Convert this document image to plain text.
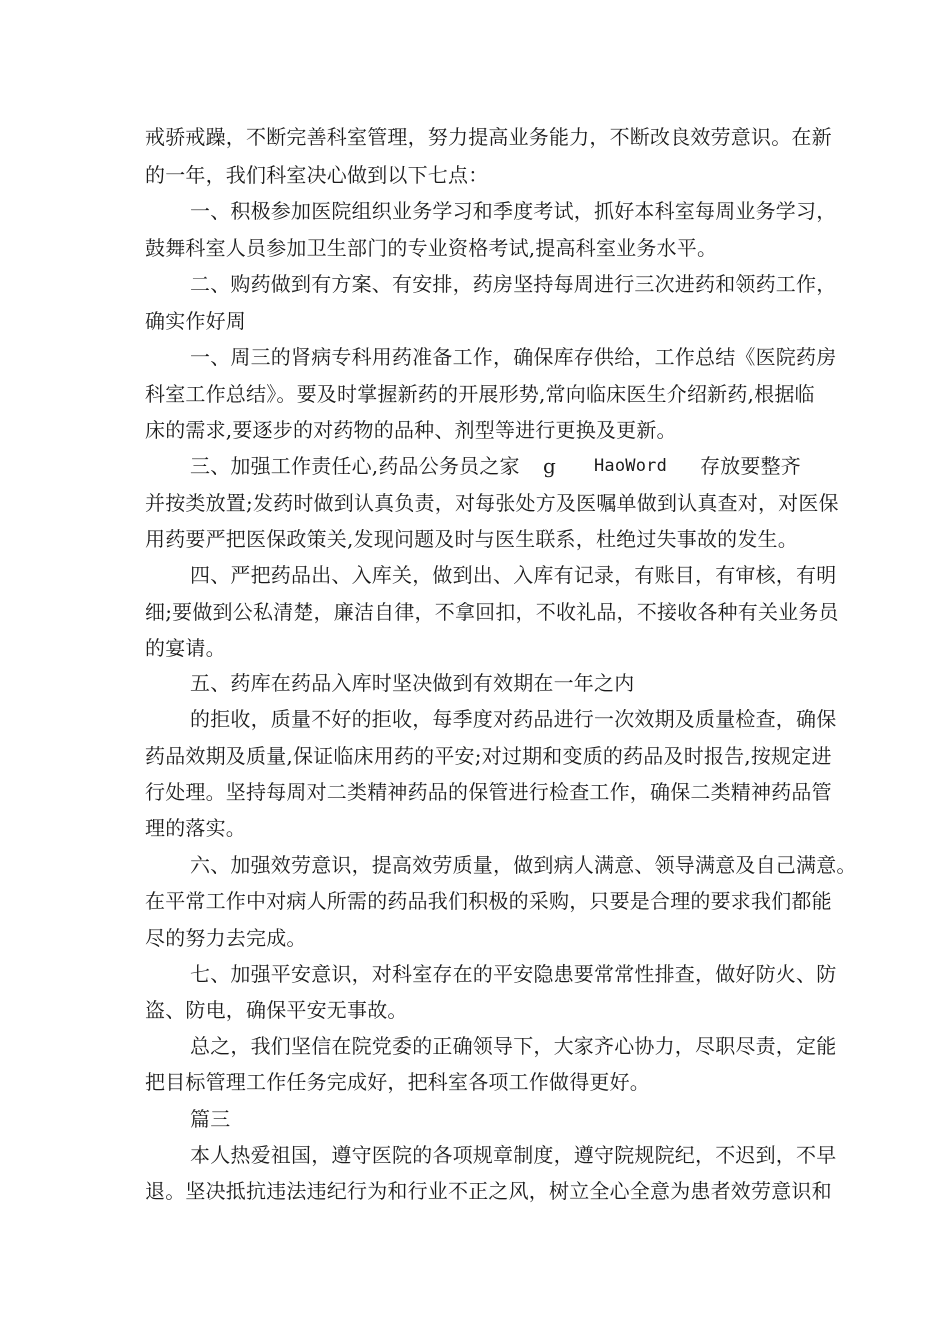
戒骄戒躁，不断完善科室管理，努力提高业务能力，不断改良效劳意识。在新
的一年，我们科室决心做到以下七点：
一、积极参加医院组织业务学习和季度考试，抓好本科室每周业务学习，
鼓舞科室人员参加卫生部门的专业资格考试,提高科室业务水平。
二、购药做到有方案、有安排，药房坚持每周进行三次进药和领药工作，
确实作好周
一、周三的肾病专科用药准备工作，确保库存供给，工作总结《医院药房
科室工作总结》。要及时掌握新药的开展形势,常向临床医生介绍新药,根据临
床的需求,要逐步的对药物的品种、剂型等进行更换及更新。
三、加强工作责任心,药品公务员之家 g HaoWord 存放要整齐
并按类放置;发药时做到认真负责，对每张处方及医嘱单做到认真查对，对医保
用药要严把医保政策关,发现问题及时与医生联系，杜绝过失事故的发生。
四、严把药品出、入库关，做到出、入库有记录，有账目，有审核，有明
细;要做到公私清楚，廉洁自律，不拿回扣，不收礼品，不接收各种有关业务员
的宴请。
五、药库在药品入库时坚决做到有效期在一年之内
的拒收，质量不好的拒收，每季度对药品进行一次效期及质量检查，确保
药品效期及质量,保证临床用药的平安;对过期和变质的药品及时报告,按规定进
行处理。坚持每周对二类精神药品的保管进行检查工作，确保二类精神药品管
理的落实。
六、加强效劳意识，提高效劳质量，做到病人满意、领导满意及自己满意。
在平常工作中对病人所需的药品我们积极的采购，只要是合理的要求我们都能
尽的努力去完成。
七、加强平安意识，对科室存在的平安隐患要常常性排查，做好防火、防
盗、防电，确保平安无事故。
总之，我们坚信在院党委的正确领导下，大家齐心协力，尽职尽责，定能
把目标管理工作任务完成好，把科室各项工作做得更好。
篇三
本人热爱祖国，遵守医院的各项规章制度，遵守院规院纪，不迟到，不早
退。坚决抵抗违法违纪行为和行业不正之风，树立全心全意为患者效劳意识和
